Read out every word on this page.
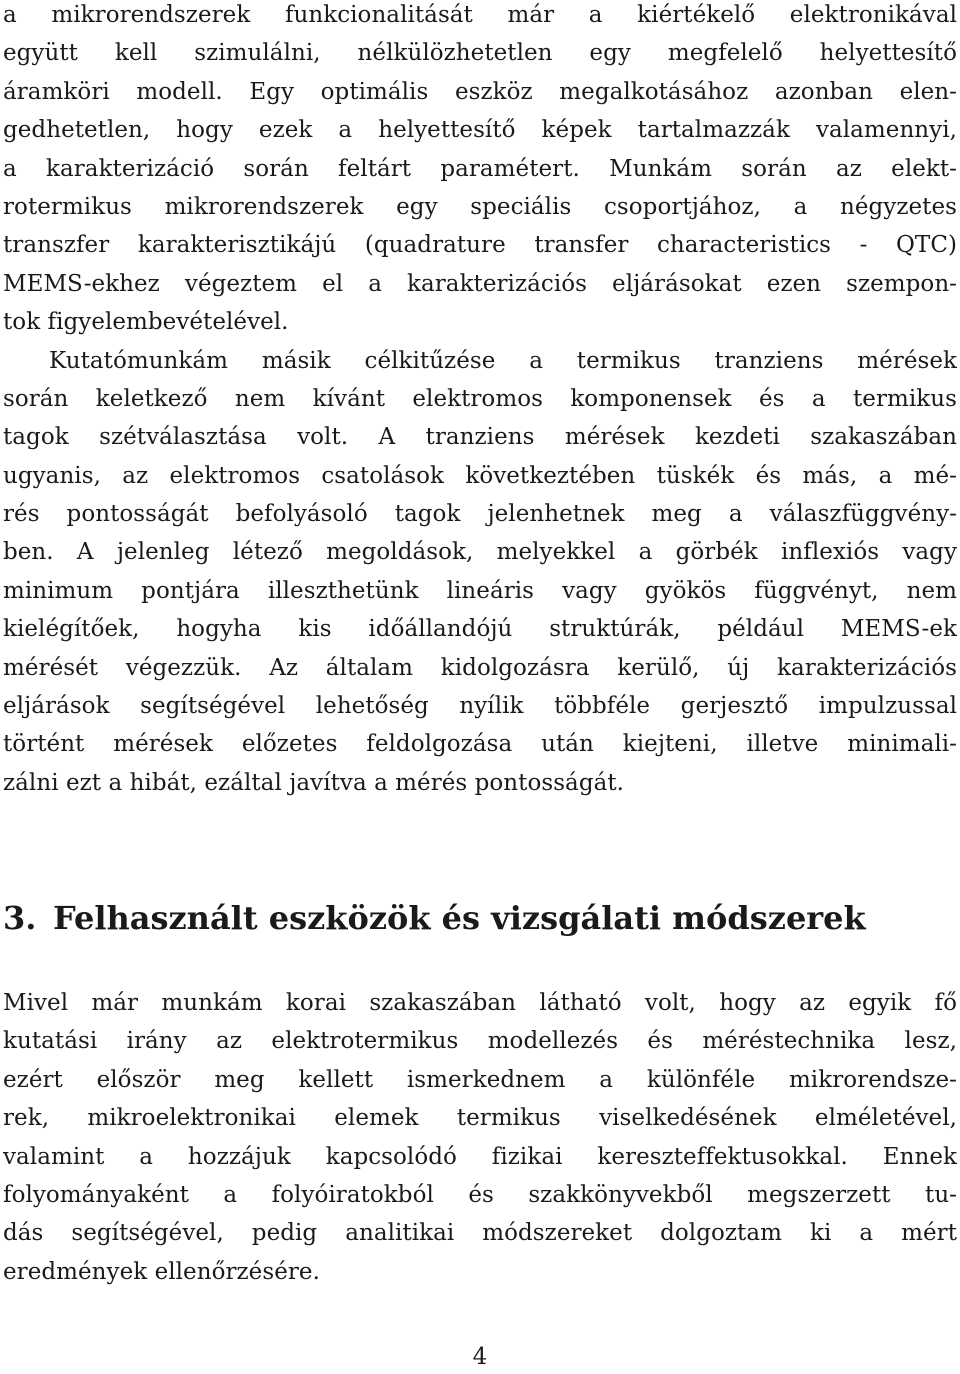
a mikrorendszerek funkcionalitását már a kiértékelő elektronikával
együtt kell szimulálni, nélkülözhetetlen egy megfelelő helyettesítő
áramköri modell. Egy optimális eszköz megalkotásához azonban elen-
gedhetetlen, hogy ezek a helyettesítő képek tartalmazzák valamennyi,
a karakterizáció során feltárt paramétert. Munkám során az elekt-
rotermikus mikrorendszerek egy speciális csoportjához, a négyzetes
transzfer karakterisztikájú (quadrature transfer characteristics - QTC)
MEMS-ekhez végeztem el a karakterizációs eljárásokat ezen szempon-
tok figyelembevételével.

Kutatómunkám másik célkitűzése a termikus tranziens mérések
során keletkező nem kívánt elektromos komponensek és a termikus
tagok szétválasztása volt. A tranziens mérések kezdeti szakaszában
ugyanis, az elektromos csatolások következtében tüskék és más, a mé-
rés pontosságát befolyásoló tagok jelenhetnek meg a válaszfüggvény-
ben. A jelenleg létező megoldások, melyekkel a görbék inflexiós vagy
minimum pontjára illeszthetünk lineáris vagy gyökös függvényt, nem
kielégítőek, hogyha kis időállandójú struktúrák, például MEMS-ek
mérését végezzük. Az általam kidolgozásra kerülő, új karakterizációs
eljárások segítségével lehetőség nyílik többféle gerjesztő impulzussal
történt mérések előzetes feldolgozása után kiejteni, illetve minimali-
zálni ezt a hibát, ezáltal javítva a mérés pontosságát.

3. Felhasznált eszközök és vizsgálati módszerek

Mivel már munkám korai szakaszában látható volt, hogy az egyik fő
kutatási irány az elektrotermikus modellezés és méréstechnika lesz,
ezért először meg kellett ismerkednem a különféle mikrorendsze-
rek, mikroelektronikai elemek termikus viselkedésének elméletével,
valamint a hozzájuk kapcsolódó fizikai kereszteffektusokkal. Ennek
folyományaként a folyóiratokból és szakkönyvekből megszerzett tu-
dás segítségével, pedig analitikai módszereket dolgoztam ki a mért
eredmények ellenőrzésére.

4
